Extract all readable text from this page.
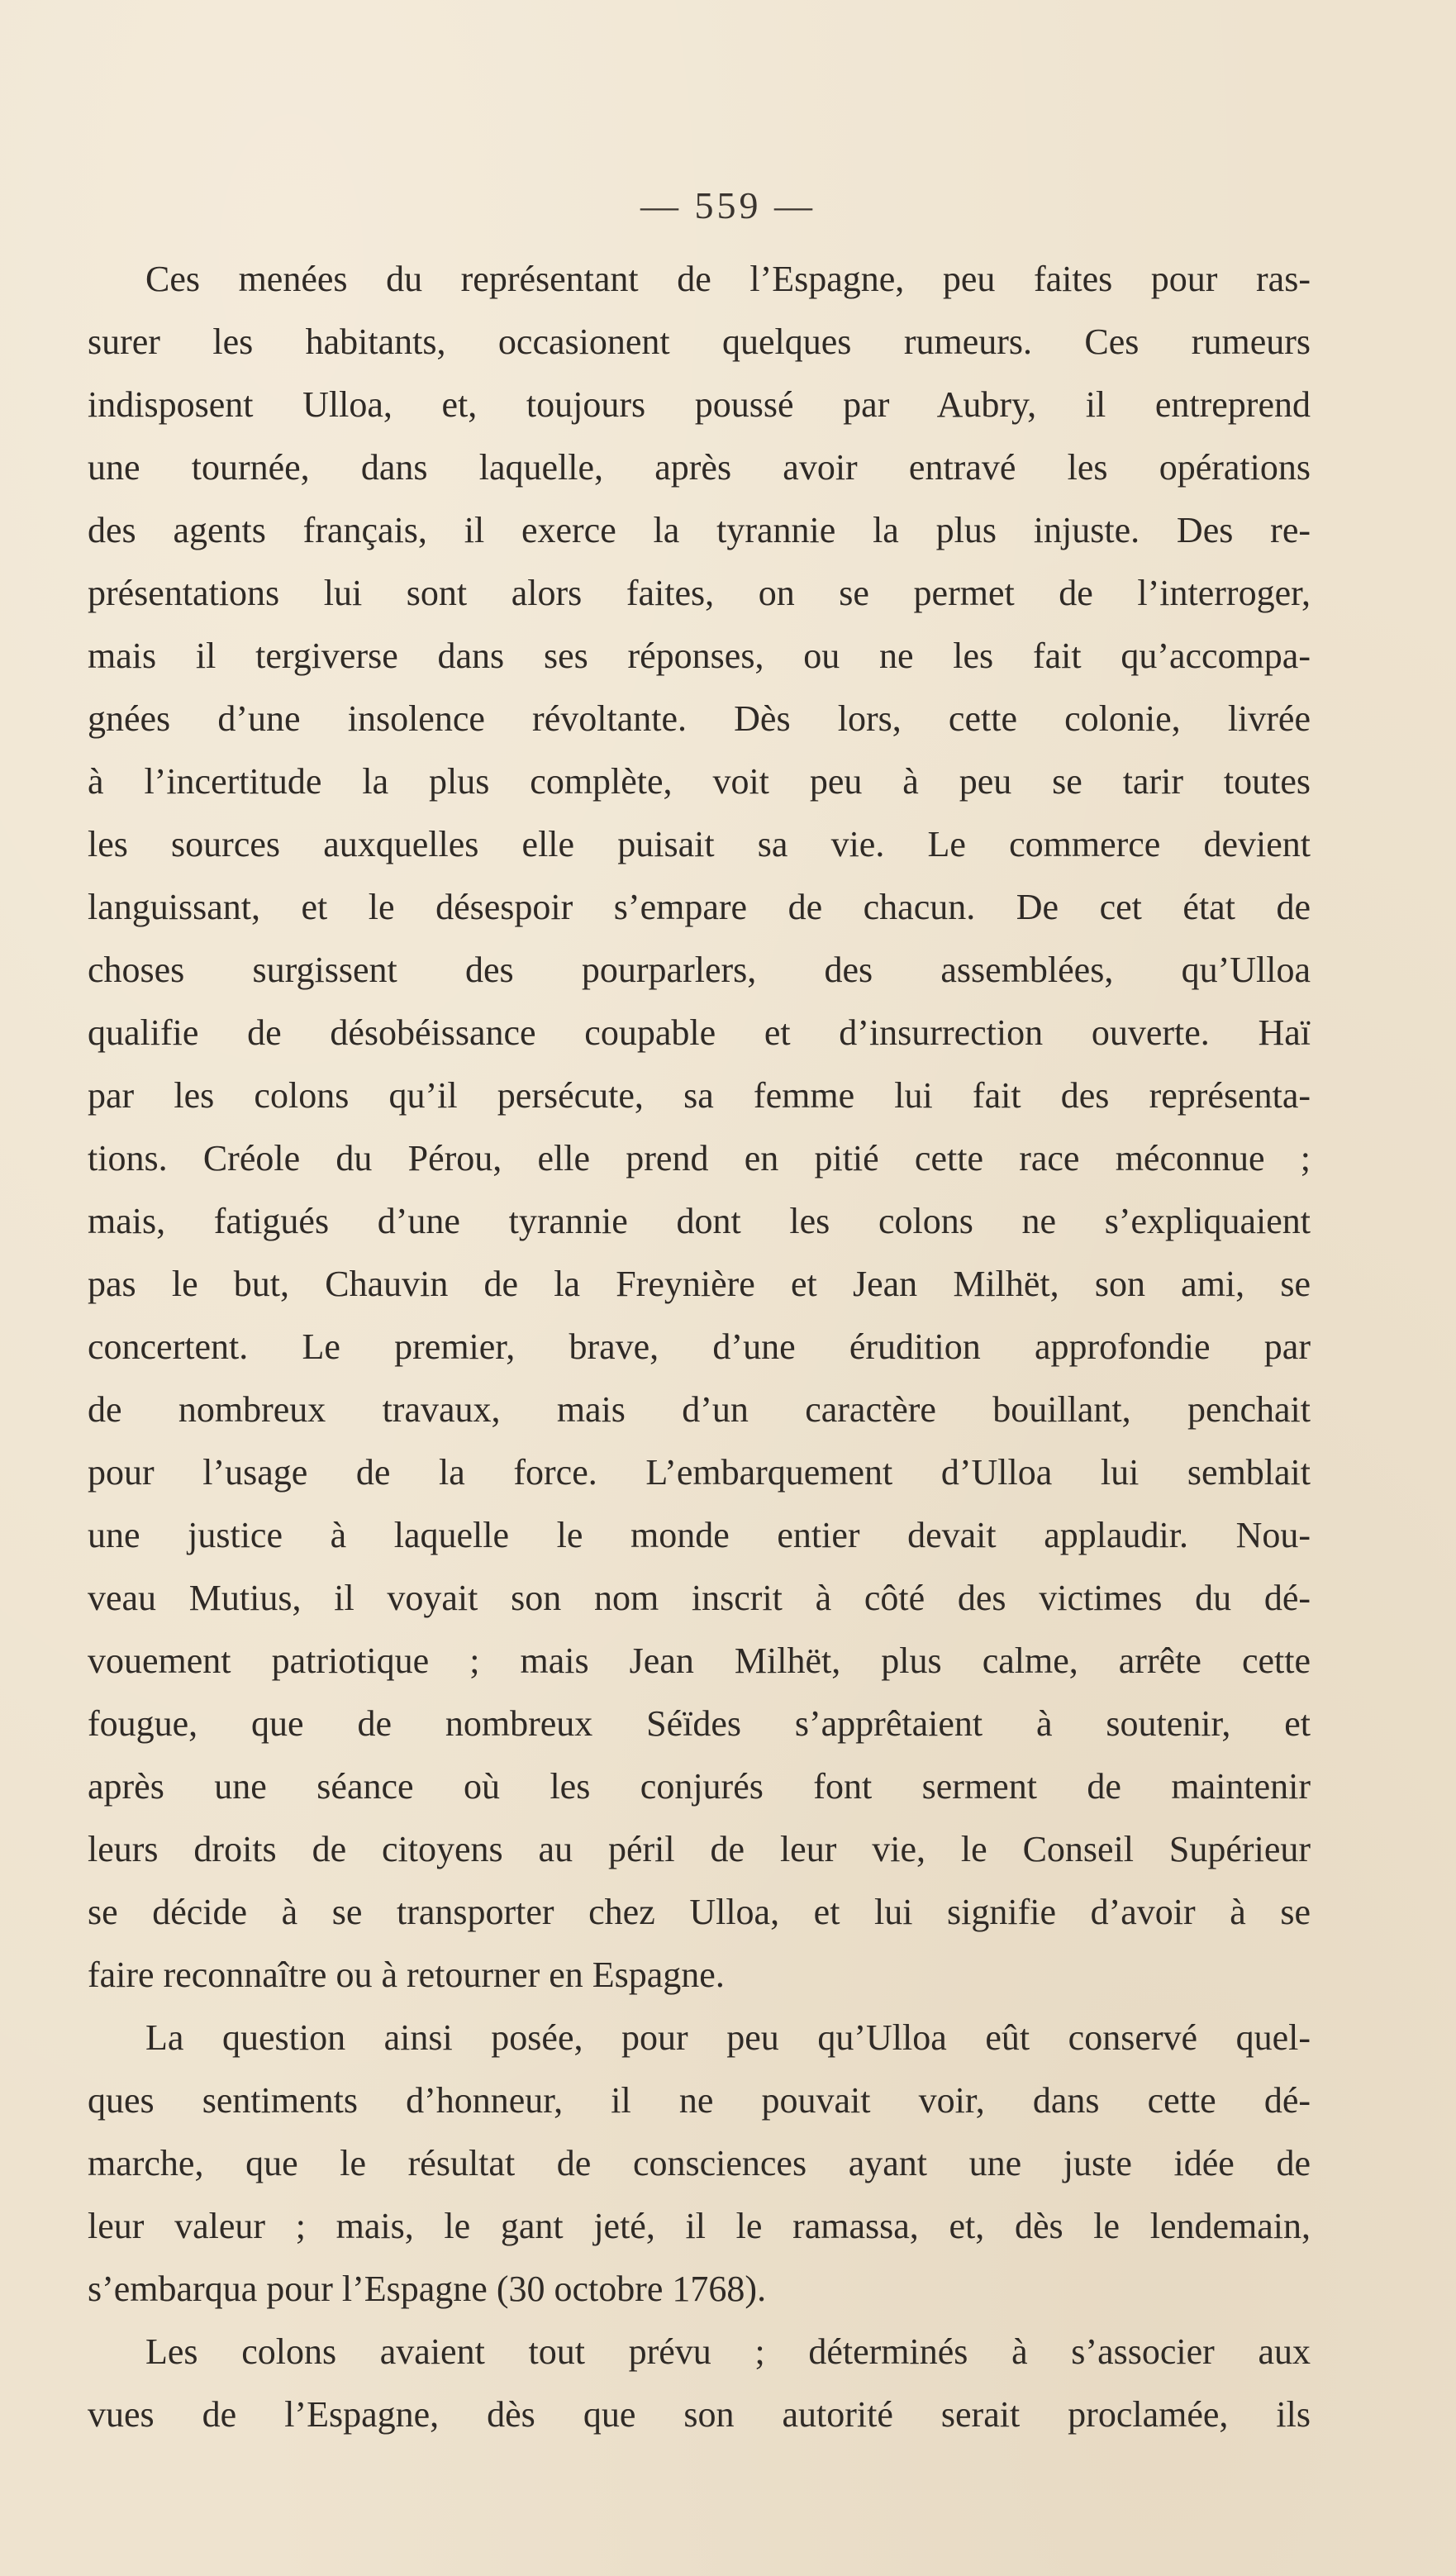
— 559 —
Ces menées du représentant de l’Espagne, peu faites pour ras-
surer les habitants, occasionent quelques rumeurs. Ces rumeurs
indisposent Ulloa, et, toujours poussé par Aubry, il entreprend
une tournée, dans laquelle, après avoir entravé les opérations
des agents français, il exerce la tyrannie la plus injuste. Des re-
présentations lui sont alors faites, on se permet de l’interroger,
mais il tergiverse dans ses réponses, ou ne les fait qu’accompa-
gnées d’une insolence révoltante. Dès lors, cette colonie, livrée
à l’incertitude la plus complète, voit peu à peu se tarir toutes
les sources auxquelles elle puisait sa vie. Le commerce devient
languissant, et le désespoir s’empare de chacun. De cet état de
choses surgissent des pourparlers, des assemblées, qu’Ulloa
qualifie de désobéissance coupable et d’insurrection ouverte. Haï
par les colons qu’il persécute, sa femme lui fait des représenta-
tions. Créole du Pérou, elle prend en pitié cette race méconnue ;
mais, fatigués d’une tyrannie dont les colons ne s’expliquaient
pas le but, Chauvin de la Freynière et Jean Milhët, son ami, se
concertent. Le premier, brave, d’une érudition approfondie par
de nombreux travaux, mais d’un caractère bouillant, penchait
pour l’usage de la force. L’embarquement d’Ulloa lui semblait
une justice à laquelle le monde entier devait applaudir. Nou-
veau Mutius, il voyait son nom inscrit à côté des victimes du dé-
vouement patriotique ; mais Jean Milhët, plus calme, arrête cette
fougue, que de nombreux Séïdes s’apprêtaient à soutenir, et
après une séance où les conjurés font serment de maintenir
leurs droits de citoyens au péril de leur vie, le Conseil Supérieur
se décide à se transporter chez Ulloa, et lui signifie d’avoir à se
faire reconnaître ou à retourner en Espagne.
La question ainsi posée, pour peu qu’Ulloa eût conservé quel-
ques sentiments d’honneur, il ne pouvait voir, dans cette dé-
marche, que le résultat de consciences ayant une juste idée de
leur valeur ; mais, le gant jeté, il le ramassa, et, dès le lendemain,
s’embarqua pour l’Espagne (30 octobre 1768).
Les colons avaient tout prévu ; déterminés à s’associer aux
vues de l’Espagne, dès que son autorité serait proclamée, ils
